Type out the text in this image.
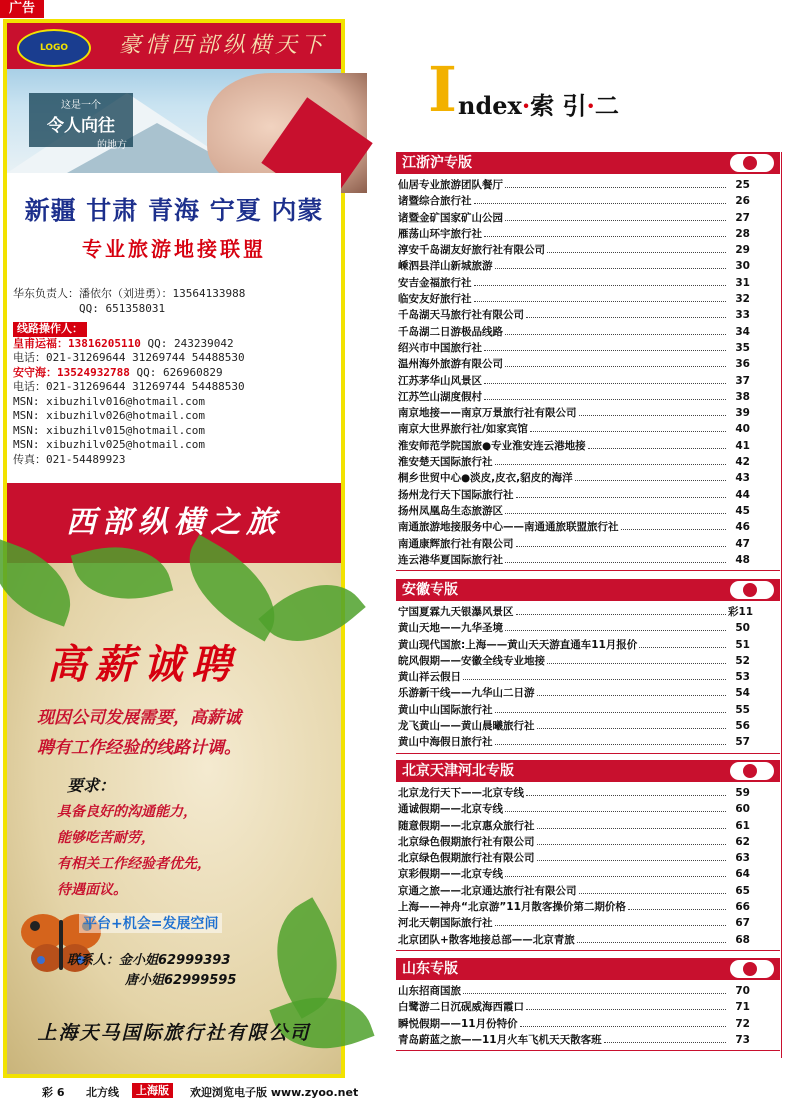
广告
豪情西部纵横天下
LOGO
这是一个
令人向往
的地方
新疆 甘肃 青海 宁夏 内蒙
专业旅游地接联盟
华东负责人：潘依尔（刘进勇）：13564133988
QQ: 651358031
线路操作人：
皇甫运福：13816205110 QQ: 243239042
电话：021-31269644 31269744 54488530
安守海：13524932788 QQ: 626960829
电话：021-31269644 31269744 54488530
MSN: xibuzhilv016@hotmail.com
MSN: xibuzhilv026@hotmail.com
MSN: xibuzhilv015@hotmail.com
MSN: xibuzhilv025@hotmail.com
传真：021-54489923
西部纵横之旅
高薪诚聘
现因公司发展需要，高薪诚
聘有工作经验的线路计调。
要求：
具备良好的沟通能力，
能够吃苦耐劳，
有相关工作经验者优先，
待遇面议。
平台+机会=发展空间
联系人：金小姐62999393
唐小姐62999595
上海天马国际旅行社有限公司
I ndex·索 引·二
江浙沪专版
仙居专业旅游团队餐厅	25
诸暨综合旅行社	26
诸暨金矿国家矿山公园	27
雁荡山环宇旅行社	28
淳安千岛湖友好旅行社有限公司	29
嵊泗县洋山新城旅游	30
安吉金福旅行社	31
临安友好旅行社	32
千岛湖天马旅行社有限公司	33
千岛湖二日游极品线路	34
绍兴市中国旅行社	35
温州海外旅游有限公司	36
江苏茅华山风景区	37
江苏竺山湖度假村	38
南京地接——南京万景旅行社有限公司	39
南京大世界旅行社/如家宾馆	40
淮安师范学院国旅●专业淮安连云港地接	41
淮安楚天国际旅行社	42
桐乡世贸中心●淡皮,皮衣,貂皮的海洋	43
扬州龙行天下国际旅行社	44
扬州凤凰岛生态旅游区	45
南通旅游地接服务中心——南通通旅联盟旅行社	46
南通康辉旅行社有限公司	47
连云港华夏国际旅行社	48
安徽专版
宁国夏霖九天银瀑风景区	彩11
黄山天地——九华圣境	50
黄山现代国旅:上海——黄山天天游直通车11月报价	51
皖风假期——安徽全线专业地接	52
黄山祥云假日	53
乐游新干线——九华山二日游	54
黄山中山国际旅行社	55
龙飞黄山——黄山晨曦旅行社	56
黄山中海假日旅行社	57
北京天津河北专版
北京龙行天下——北京专线	59
通诚假期——北京专线	60
随意假期——北京惠众旅行社	61
北京绿色假期旅行社有限公司	62
北京绿色假期旅行社有限公司	63
京彩假期——北京专线	64
京通之旅——北京通达旅行社有限公司	65
上海——神舟“北京游”11月散客操价第二期价格	66
河北天朝国际旅行社	67
北京团队+散客地接总部——北京青旅	68
山东专版
山东招商国旅	70
白鹭游二日沉砚威海西霞口	71
瞬悦假期——11月份特价	72
青岛蔚蓝之旅——11月火车飞机天天散客班	73
彩 6 北方线	上海版	欢迎浏览电子版 www.zyoo.net
